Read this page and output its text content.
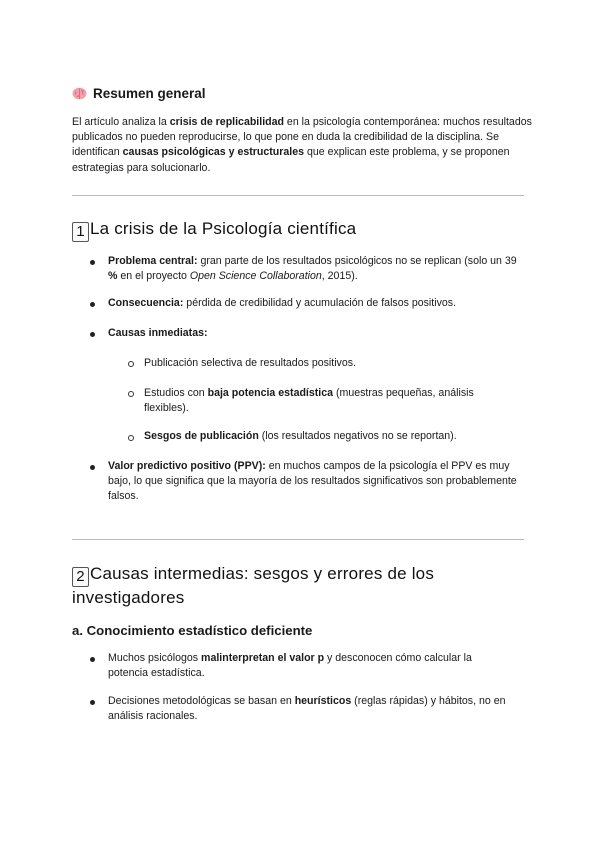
Resumen general
El artículo analiza la crisis de replicabilidad en la psicología contemporánea: muchos resultados publicados no pueden reproducirse, lo que pone en duda la credibilidad de la disciplina. Se identifican causas psicológicas y estructurales que explican este problema, y se proponen estrategias para solucionarlo.
1 La crisis de la Psicología científica
Problema central: gran parte de los resultados psicológicos no se replican (solo un 39 % en el proyecto Open Science Collaboration, 2015).
Consecuencia: pérdida de credibilidad y acumulación de falsos positivos.
Causas inmediatas:
Publicación selectiva de resultados positivos.
Estudios con baja potencia estadística (muestras pequeñas, análisis flexibles).
Sesgos de publicación (los resultados negativos no se reportan).
Valor predictivo positivo (PPV): en muchos campos de la psicología el PPV es muy bajo, lo que significa que la mayoría de los resultados significativos son probablemente falsos.
2 Causas intermedias: sesgos y errores de los investigadores
a. Conocimiento estadístico deficiente
Muchos psicólogos malinterpretan el valor p y desconocen cómo calcular la potencia estadística.
Decisiones metodológicas se basan en heurísticos (reglas rápidas) y hábitos, no en análisis racionales.
